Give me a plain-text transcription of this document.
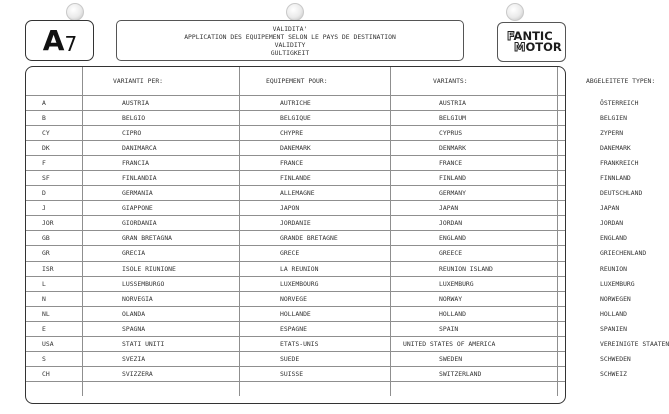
A 7
VALIDITA'
APPLICATION DES EQUIPEMENT SELON LE PAYS DE DESTINATION
VALIDITY
GULTIGKEIT
FANTIC
MOTOR
	VARIANTI PER:	EQUIPEMENT POUR:	VARIANTS:	ABGELEITETE TYPEN:
A	AUSTRIA	AUTRICHE	AUSTRIA	ÖSTERREICH
B	BELGIO	BELGIQUE	BELGIUM	BELGIEN
CY	CIPRO	CHYPRE	CYPRUS	ZYPERN
DK	DANIMARCA	DANEMARK	DENMARK	DANEMARK
F	FRANCIA	FRANCE	FRANCE	FRANKREICH
SF	FINLANDIA	FINLANDE	FINLAND	FINNLAND
D	GERMANIA	ALLEMAGNE	GERMANY	DEUTSCHLAND
J	GIAPPONE	JAPON	JAPAN	JAPAN
JOR	GIORDANIA	JORDANIE	JORDAN	JORDAN
GB	GRAN BRETAGNA	GRANDE BRETAGNE	ENGLAND	ENGLAND
GR	GRECIA	GRECE	GREECE	GRIECHENLAND
ISR	ISOLE RIUNIONE	LA REUNION	REUNION ISLAND	REUNION
L	LUSSEMBURGO	LUXEMBOURG	LUXEMBURG	LUXEMBURG
N	NORVEGIA	NORVEGE	NORWAY	NORWEGEN
NL	OLANDA	HOLLANDE	HOLLAND	HOLLAND
E	SPAGNA	ESPAGNE	SPAIN	SPANIEN
USA	STATI UNITI	ETATS-UNIS	UNITED STATES OF AMERICA	VEREINIGTE STAATEN
S	SVEZIA	SUEDE	SWEDEN	SCHWEDEN
CH	SVIZZERA	SUISSE	SWITZERLAND	SCHWEIZ
